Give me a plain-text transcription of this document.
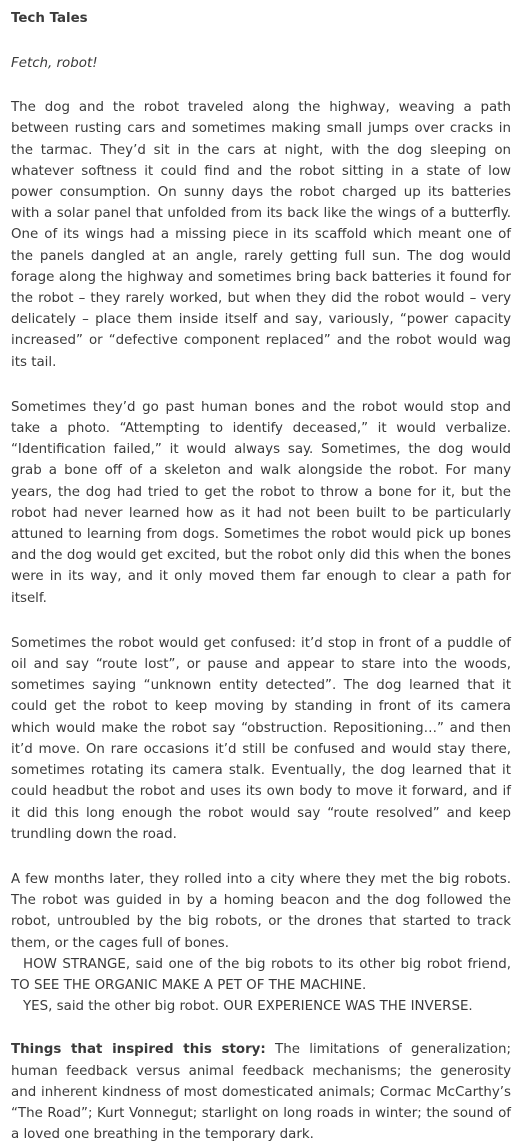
Tech Tales
Fetch, robot!

The dog and the robot traveled along the highway, weaving a path between rusting cars and sometimes making small jumps over cracks in the tarmac. They’d sit in the cars at night, with the dog sleeping on whatever softness it could find and the robot sitting in a state of low power consumption. On sunny days the robot charged up its batteries with a solar panel that unfolded from its back like the wings of a butterfly. One of its wings had a missing piece in its scaffold which meant one of the panels dangled at an angle, rarely getting full sun. The dog would forage along the highway and sometimes bring back batteries it found for the robot – they rarely worked, but when they did the robot would – very delicately – place them inside itself and say, variously, “power capacity increased” or “defective component replaced” and the robot would wag its tail.

Sometimes they’d go past human bones and the robot would stop and take a photo. “Attempting to identify deceased,” it would verbalize. “Identification failed,” it would always say. Sometimes, the dog would grab a bone off of a skeleton and walk alongside the robot. For many years, the dog had tried to get the robot to throw a bone for it, but the robot had never learned how as it had not been built to be particularly attuned to learning from dogs. Sometimes the robot would pick up bones and the dog would get excited, but the robot only did this when the bones were in its way, and it only moved them far enough to clear a path for itself.

Sometimes the robot would get confused: it’d stop in front of a puddle of oil and say “route lost”, or pause and appear to stare into the woods, sometimes saying “unknown entity detected”. The dog learned that it could get the robot to keep moving by standing in front of its camera which would make the robot say “obstruction. Repositioning…” and then it’d move. On rare occasions it’d still be confused and would stay there, sometimes rotating its camera stalk. Eventually, the dog learned that it could headbut the robot and uses its own body to move it forward, and if it did this long enough the robot would say “route resolved” and keep trundling down the road.

A few months later, they rolled into a city where they met the big robots. The robot was guided in by a homing beacon and the dog followed the robot, untroubled by the big robots, or the drones that started to track them, or the cages full of bones.
HOW STRANGE, said one of the big robots to its other big robot friend, TO SEE THE ORGANIC MAKE A PET OF THE MACHINE.
YES, said the other big robot. OUR EXPERIENCE WAS THE INVERSE.

Things that inspired this story: The limitations of generalization; human feedback versus animal feedback mechanisms; the generosity and inherent kindness of most domesticated animals; Cormac McCarthy’s “The Road”; Kurt Vonnegut; starlight on long roads in winter; the sound of a loved one breathing in the temporary dark.
